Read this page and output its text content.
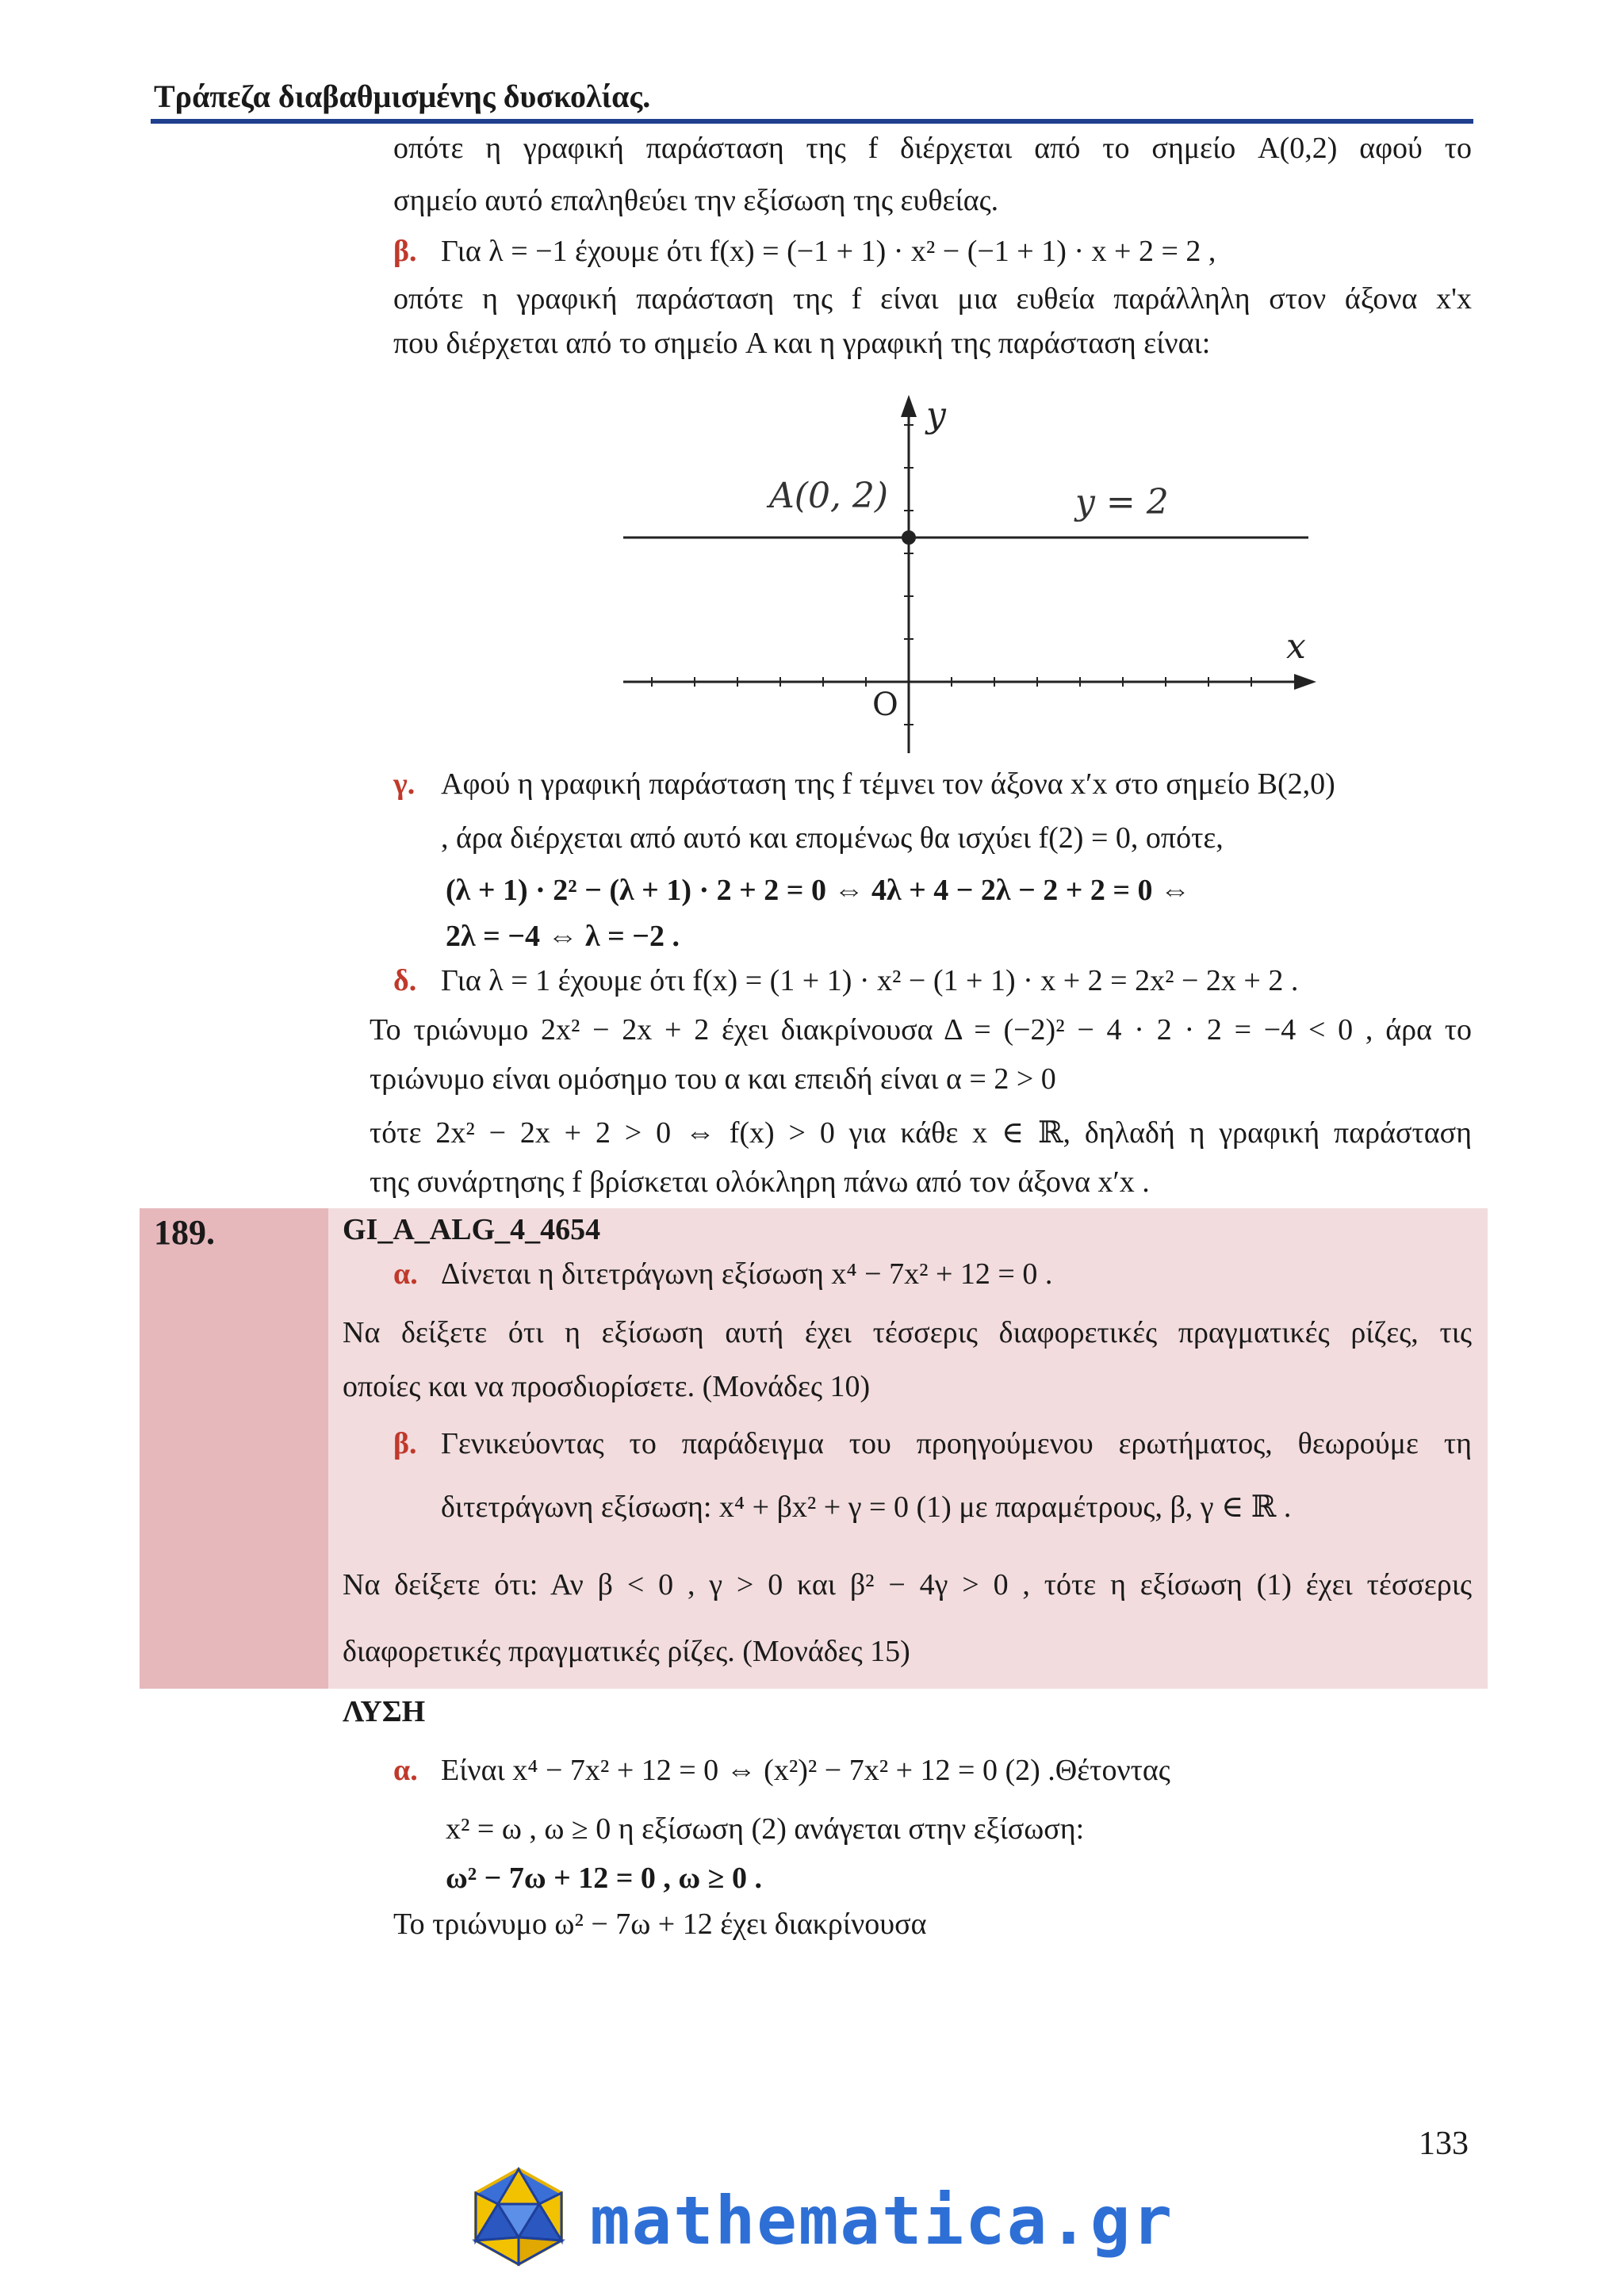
Τράπεζα διαβαθμισμένης δυσκολίας.
οπότε η γραφική παράσταση της f διέρχεται από το σημείο A(0,2) αφού το
σημείο αυτό επαληθεύει την εξίσωση της ευθείας.
β. Για λ = −1 έχουμε ότι f(x) = (−1 + 1) · x² − (−1 + 1) · x + 2 = 2 ,
οπότε η γραφική παράσταση της f είναι μια ευθεία παράλληλη στον άξονα x'x
που διέρχεται από το σημείο A και η γραφική της παράσταση είναι:
y
x
O
A(0, 2)	y = 2
γ. Αφού η γραφική παράσταση της f τέμνει τον άξονα x′x στο σημείο B(2,0)
, άρα διέρχεται από αυτό και επομένως θα ισχύει f(2) = 0, οπότε,
(λ + 1) · 2² − (λ + 1) · 2 + 2 = 0 ⇔ 4λ + 4 − 2λ − 2 + 2 = 0 ⇔
2λ = −4 ⇔ λ = −2 .
δ. Για λ = 1 έχουμε ότι f(x) = (1 + 1) · x² − (1 + 1) · x + 2 = 2x² − 2x + 2 .
Το τριώνυμο 2x² − 2x + 2 έχει διακρίνουσα Δ = (−2)² − 4 · 2 · 2 = −4 < 0 , άρα το
τριώνυμο είναι ομόσημο του α και επειδή είναι α = 2 > 0
τότε 2x² − 2x + 2 > 0 ⇔ f(x) > 0 για κάθε x ∈ ℝ, δηλαδή η γραφική παράσταση
της συνάρτησης f βρίσκεται ολόκληρη πάνω από τον άξονα x′x .
189.	GI_A_ALG_4_4654
α. Δίνεται η διτετράγωνη εξίσωση x⁴ − 7x² + 12 = 0 .
Να δείξετε ότι η εξίσωση αυτή έχει τέσσερις διαφορετικές πραγματικές ρίζες, τις
οποίες και να προσδιορίσετε. (Μονάδες 10)
β. Γενικεύοντας το παράδειγμα του προηγούμενου ερωτήματος, θεωρούμε τη
διτετράγωνη εξίσωση: x⁴ + βx² + γ = 0 (1) με παραμέτρους, β, γ ∈ ℝ .
Να δείξετε ότι: Αν β < 0 , γ > 0 και β² − 4γ > 0 , τότε η εξίσωση (1) έχει τέσσερις
διαφορετικές πραγματικές ρίζες. (Μονάδες 15)
ΛΥΣΗ
α. Είναι x⁴ − 7x² + 12 = 0 ⇔ (x²)² − 7x² + 12 = 0 (2) .Θέτοντας
x² = ω , ω ≥ 0 η εξίσωση (2) ανάγεται στην εξίσωση:
ω² − 7ω + 12 = 0 , ω ≥ 0 .
Το τριώνυμο ω² − 7ω + 12 έχει διακρίνουσα
133
mathematica.gr
